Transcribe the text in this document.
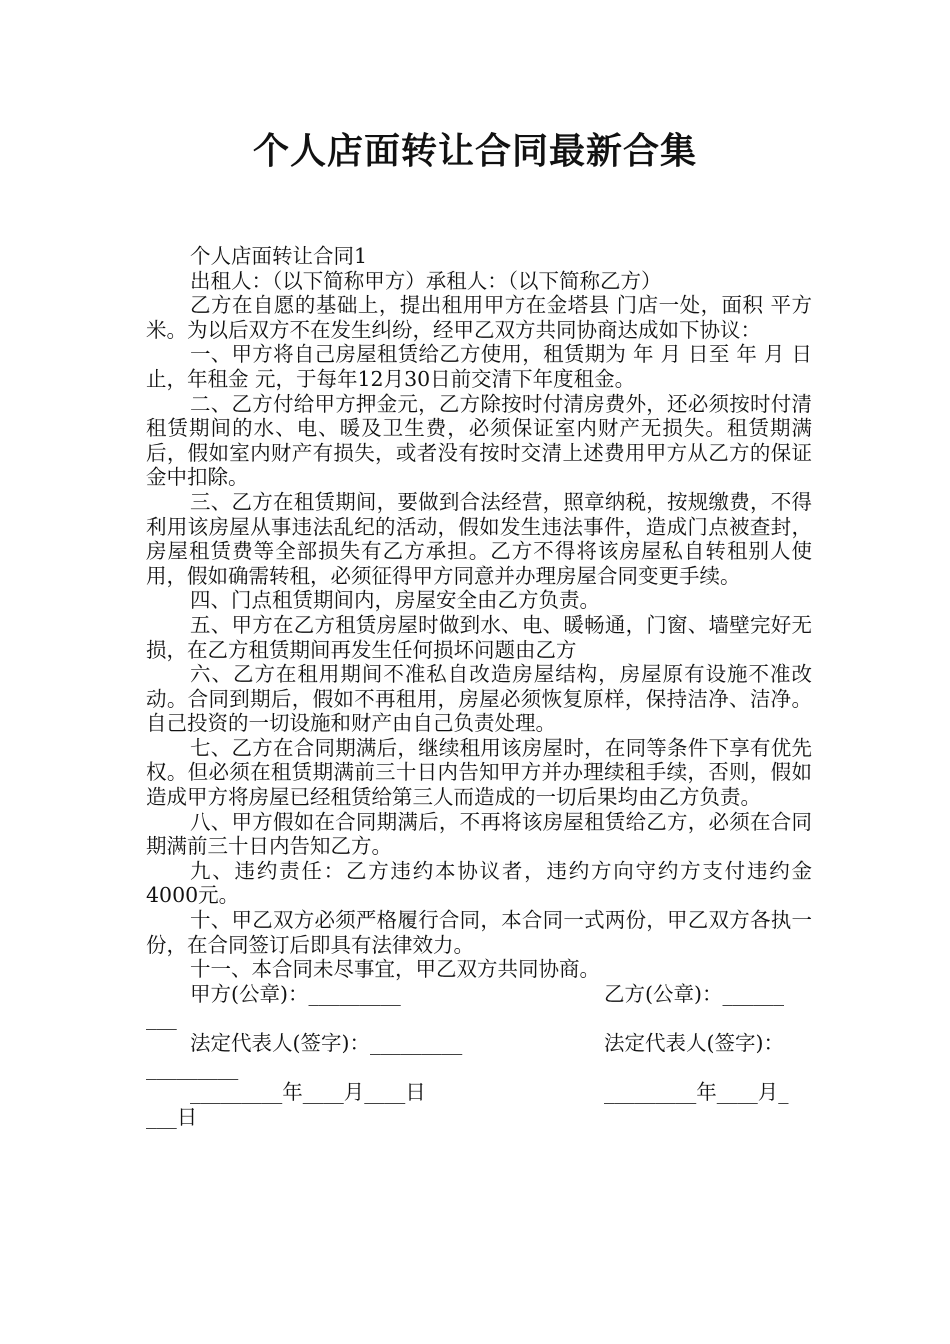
个人店面转让合同最新合集

个人店面转让合同1

出租人：（以下简称甲方）承租人：（以下简称乙方）

乙方在自愿的基础上，提出租用甲方在金塔县 门店一处，面积 平方米。为以后双方不在发生纠纷，经甲乙双方共同协商达成如下协议：

一、甲方将自己房屋租赁给乙方使用，租赁期为 年 月 日至 年 月 日止，年租金 元，于每年12月30日前交清下年度租金。

二、乙方付给甲方押金元，乙方除按时付清房费外，还必须按时付清租赁期间的水、电、暖及卫生费，必须保证室内财产无损失。租赁期满后，假如室内财产有损失，或者没有按时交清上述费用甲方从乙方的保证金中扣除。

三、乙方在租赁期间，要做到合法经营，照章纳税，按规缴费，不得利用该房屋从事违法乱纪的活动，假如发生违法事件，造成门点被查封，房屋租赁费等全部损失有乙方承担。乙方不得将该房屋私自转租别人使用，假如确需转租，必须征得甲方同意并办理房屋合同变更手续。

四、门点租赁期间内，房屋安全由乙方负责。

五、甲方在乙方租赁房屋时做到水、电、暖畅通，门窗、墙壁完好无损，在乙方租赁期间再发生任何损坏问题由乙方

六、乙方在租用期间不准私自改造房屋结构，房屋原有设施不准改动。合同到期后，假如不再租用，房屋必须恢复原样，保持洁净、洁净。自己投资的一切设施和财产由自己负责处理。

七、乙方在合同期满后，继续租用该房屋时，在同等条件下享有优先权。但必须在租赁期满前三十日内告知甲方并办理续租手续，否则，假如造成甲方将房屋已经租赁给第三人而造成的一切后果均由乙方负责。

八、甲方假如在合同期满后，不再将该房屋租赁给乙方，必须在合同期满前三十日内告知乙方。

九、违约责任：乙方违约本协议者，违约方向守约方支付违约金4000元。

十、甲乙双方必须严格履行合同，本合同一式两份，甲乙双方各执一份，在合同签订后即具有法律效力。

十一、本合同未尽事宜，甲乙双方共同协商。

甲方(公章)：_________	乙方(公章)：______
___
法定代表人(签字)：_________	法定代表人(签字)：
_________
_________年____月____日	_________年____月_
___日
